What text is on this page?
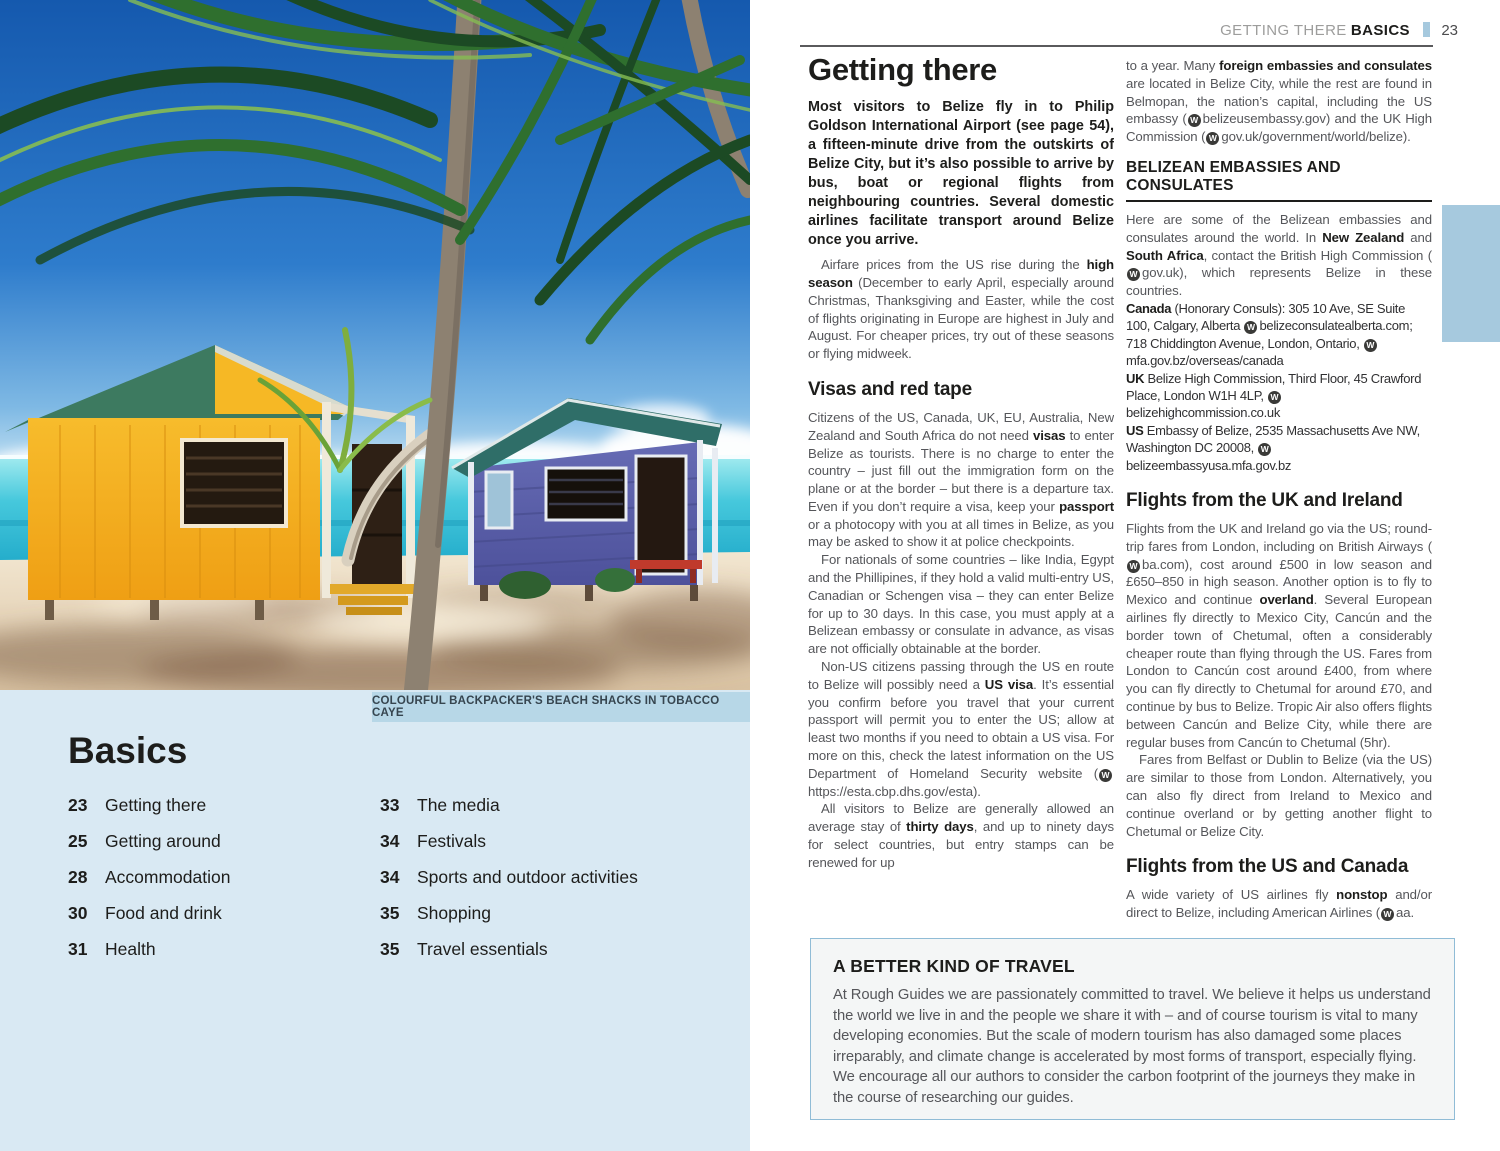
COLOURFUL BACKPACKER'S BEACH SHACKS IN TOBACCO CAYE
Basics
23	Getting there
25	Getting around
28	Accommodation
30	Food and drink
31	Health
33	The media
34	Festivals
34	Sports and outdoor activities
35	Shopping
35	Travel essentials
GETTING THERE BASICS 23
Getting there

Most visitors to Belize fly in to Philip Goldson International Airport (see page 54), a fifteen-minute drive from the outskirts of Belize City, but it’s also possible to arrive by bus, boat or regional flights from neighbouring countries. Several domestic airlines facilitate transport around Belize once you arrive.

Airfare prices from the US rise during the high season (December to early April, especially around Christmas, Thanksgiving and Easter, while the cost of flights originating in Europe are highest in July and August. For cheaper prices, try out of these seasons or flying midweek.

Visas and red tape

Citizens of the US, Canada, UK, EU, Australia, New Zealand and South Africa do not need visas to enter Belize as tourists. There is no charge to enter the country – just fill out the immigration form on the plane or at the border – but there is a departure tax. Even if you don’t require a visa, keep your passport or a photocopy with you at all times in Belize, as you may be asked to show it at police checkpoints.

For nationals of some countries – like India, Egypt and the Phillipines, if they hold a valid multi-entry US, Canadian or Schengen visa – they can enter Belize for up to 30 days. In this case, you must apply at a Belizean embassy or consulate in advance, as visas are not officially obtainable at the border.

Non-US citizens passing through the US en route to Belize will possibly need a US visa. It’s essential you confirm before you travel that your current passport will permit you to enter the US; allow at least two months if you need to obtain a US visa. For more on this, check the latest information on the US Department of Homeland Security website ( Whttps://esta.cbp.dhs.gov/esta).

All visitors to Belize are generally allowed an average stay of thirty days, and up to ninety days for select countries, but entry stamps can be renewed for up

to a year. Many foreign embassies and consulates are located in Belize City, while the rest are found in Belmopan, the nation’s capital, including the US embassy ( W belizeusembassy.gov) and the UK High Commission ( W gov.uk/government/world/belize).

BELIZEAN EMBASSIES AND CONSULATES

Here are some of the Belizean embassies and consulates around the world. In New Zealand and South Africa, contact the British High Commission (W gov.uk), which represents Belize in these countries.

Canada (Honorary Consuls): 305 10 Ave, SE Suite 100, Calgary, Alberta W belizeconsulatealberta.com; 718 Chiddington Avenue, London, Ontario, Wmfa.gov.bz/overseas/canada

UK Belize High Commission, Third Floor, 45 Crawford Place, London W1H 4LP, Wbelizehighcommission.co.uk

US Embassy of Belize, 2535 Massachusetts Ave NW, Washington DC 20008, Wbelizeembassyusa.mfa.gov.bz

Flights from the UK and Ireland

Flights from the UK and Ireland go via the US; round-trip fares from London, including on British Airways (W ba.com), cost around £500 in low season and £650–850 in high season. Another option is to fly to Mexico and continue overland. Several European airlines fly directly to Mexico City, Cancún and the border town of Chetumal, often a considerably cheaper route than flying through the US. Fares from London to Cancún cost around £400, from where you can fly directly to Chetumal for around £70, and continue by bus to Belize. Tropic Air also offers flights between Cancún and Belize City, while there are regular buses from Cancún to Chetumal (5hr).

Fares from Belfast or Dublin to Belize (via the US) are similar to those from London. Alternatively, you can also fly direct from Ireland to Mexico and continue overland or by getting another flight to Chetumal or Belize City.

Flights from the US and Canada

A wide variety of US airlines fly nonstop and/or direct to Belize, including American Airlines ( W aa.

A BETTER KIND OF TRAVEL

At Rough Guides we are passionately committed to travel. We believe it helps us understand the world we live in and the people we share it with – and of course tourism is vital to many developing economies. But the scale of modern tourism has also damaged some places irreparably, and climate change is accelerated by most forms of transport, especially flying. We encourage all our authors to consider the carbon footprint of the journeys they make in the course of researching our guides.
